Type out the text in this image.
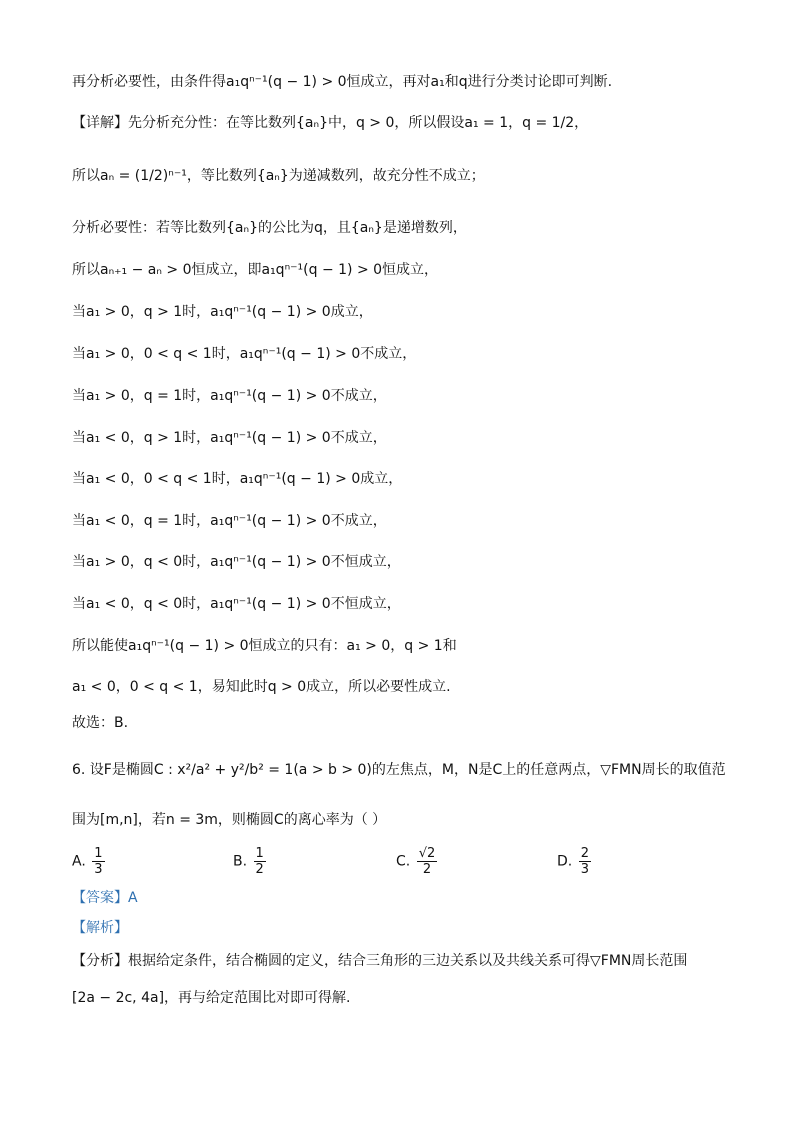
再分析必要性，由条件得a₁qⁿ⁻¹(q − 1) > 0恒成立，再对a₁和q进行分类讨论即可判断.
【详解】先分析充分性：在等比数列{aₙ}中，q > 0，所以假设a₁ = 1，q = 1/2，
所以aₙ = (1/2)ⁿ⁻¹，等比数列{aₙ}为递减数列，故充分性不成立；
分析必要性：若等比数列{aₙ}的公比为q，且{aₙ}是递增数列，
所以aₙ₊₁ − aₙ > 0恒成立，即a₁qⁿ⁻¹(q − 1) > 0恒成立，
当a₁ > 0，q > 1时，a₁qⁿ⁻¹(q − 1) > 0成立，
当a₁ > 0，0 < q < 1时，a₁qⁿ⁻¹(q − 1) > 0不成立，
当a₁ > 0，q = 1时，a₁qⁿ⁻¹(q − 1) > 0不成立，
当a₁ < 0，q > 1时，a₁qⁿ⁻¹(q − 1) > 0不成立，
当a₁ < 0，0 < q < 1时，a₁qⁿ⁻¹(q − 1) > 0成立，
当a₁ < 0，q = 1时，a₁qⁿ⁻¹(q − 1) > 0不成立，
当a₁ > 0，q < 0时，a₁qⁿ⁻¹(q − 1) > 0不恒成立，
当a₁ < 0，q < 0时，a₁qⁿ⁻¹(q − 1) > 0不恒成立，
所以能使a₁qⁿ⁻¹(q − 1) > 0恒成立的只有：a₁ > 0，q > 1和
a₁ < 0，0 < q < 1，易知此时q > 0成立，所以必要性成立.
故选：B.
6. 设F是椭圆C : x²/a² + y²/b² = 1(a > b > 0)的左焦点，M，N是C上的任意两点，▽FMN周长的取值范
围为[m,n]，若n = 3m，则椭圆C的离心率为（ ）
A. $\frac{1}{3}$	B. $\frac{1}{2}$	C. $\frac{√2}{2}$	D. $\frac{2}{3}$
【答案】A
【解析】
【分析】根据给定条件，结合椭圆的定义，结合三角形的三边关系以及共线关系可得▽FMN周长范围
[2a − 2c, 4a]，再与给定范围比对即可得解.
